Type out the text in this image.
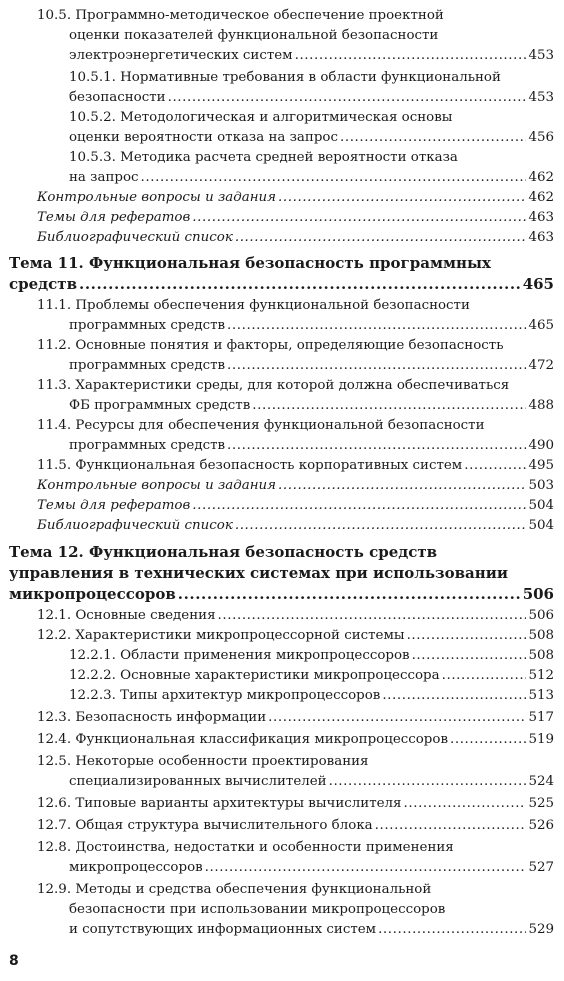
10.5. Программно-методическое обеспечение проектной
оценки показателей функциональной безопасности
электроэнергетических систем .....	453
10.5.1. Нормативные требования в области функциональной
безопасности .....	453
10.5.2. Методологическая и алгоритмическая основы
оценки вероятности отказа на запрос .....	456
10.5.3. Методика расчета средней вероятности отказа
на запрос .....	462
Контрольные вопросы и задания .....	462
Темы для рефератов .....	463
Библиографический список .....	463
Тема 11. Функциональная безопасность программных
средств .....	465
11.1. Проблемы обеспечения функциональной безопасности
программных средств .....	465
11.2. Основные понятия и факторы, определяющие безопасность
программных средств .....	472
11.3. Характеристики среды, для которой должна обеспечиваться
ФБ программных средств .....	488
11.4. Ресурсы для обеспечения функциональной безопасности
программных средств .....	490
11.5. Функциональная безопасность корпоративных систем .....	495
Контрольные вопросы и задания .....	503
Темы для рефератов .....	504
Библиографический список .....	504
Тема 12. Функциональная безопасность средств
управления в технических системах при использовании
микропроцессоров .....	506
12.1. Основные сведения .....	506
12.2. Характеристики микропроцессорной системы .....	508
12.2.1. Области применения микропроцессоров .....	508
12.2.2. Основные характеристики микропроцессора .....	512
12.2.3. Типы архитектур микропроцессоров .....	513
12.3. Безопасность информации .....	517
12.4. Функциональная классификация микропроцессоров .....	519
12.5. Некоторые особенности проектирования
специализированных вычислителей .....	524
12.6. Типовые варианты архитектуры вычислителя .....	525
12.7. Общая структура вычислительного блока .....	526
12.8. Достоинства, недостатки и особенности применения
микропроцессоров .....	527
12.9. Методы и средства обеспечения функциональной
безопасности при использовании микропроцессоров
и сопутствующих информационных систем .....	529
8
